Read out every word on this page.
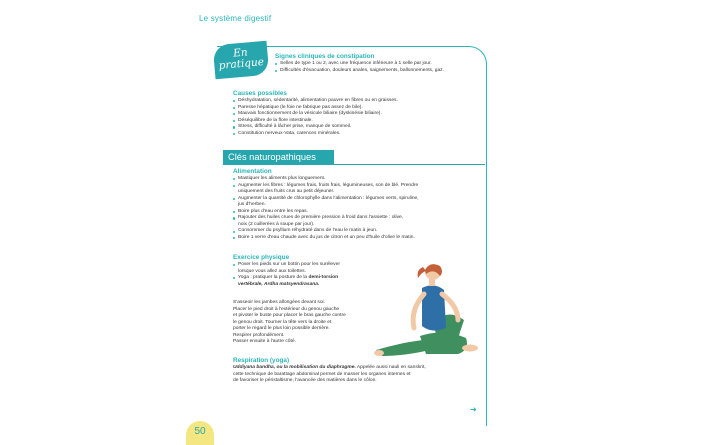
Le système digestif
En
pratique	Signes cliniques de constipation
Selles de type 1 ou 2, avec une fréquence inférieure à 1 selle par jour.
Difficultés d'évacuation, douleurs anales, saignements, ballonnements, gaz.
Causes possibles
Déshydratation, sédentarité, alimentation pauvre en fibres ou en graisses.
Paresse hépatique (le foie ne fabrique pas assez de bile).
Mauvais fonctionnement de la vésicule biliaire (dyskinésie biliaire).
Déséquilibre de la flore intestinale.
Stress, difficulté à lâcher prise, manque de sommeil.
Constitution nerveux-Vata, carences minérales.
Clés naturopathiques
Alimentation
Mastiquer les aliments plus longuement.
Augmenter les fibres : légumes frais, fruits frais, légumineuses, son de blé. Prendre
uniquement des fruits crus au petit déjeuner.
Augmenter la quantité de chlorophylle dans l'alimentation : légumes verts, spiruline,
jus d'herben.
Boire plus d'eau entre les repas.
Rajouter des huiles crues de première pression à froid dans l'assiette : olive,
noix (2 cuillerées à soupe par jour).
Consommer du psyllium réhydraté dans de l'eau le matin à jeun.
Boire 1 verre d'eau chaude avec du jus de citron et un peu d'huile d'olive le matin.
Exercice physique
Poser les pieds sur un bottin pour les surélever
lorsque vous allez aux toilettes.
Yoga : pratiquer la posture de la demi-torsion
vertébrale, Ardha matsyendrasana.
S'asseoir les jambes allongées devant soi.
Placer le pied droit à l'extérieur du genou gauche
et pivoter le buste pour placer le bras gauche contre
le genou droit. Tourner la tête vers la droite et
porter le regard le plus loin possible derrière.
Respirer profondément.
Passer ensuite à l'autre côté.
Respiration (yoga)
Uddiyana bandha, ou la mobilisation du diaphragme. Appelée aussi nauli en sanskrit,
cette technique de barattage abdominal permet de masser les organes internes et
de favoriser le péristaltisme, l'avancée des matières dans le côlon.
➜
50
